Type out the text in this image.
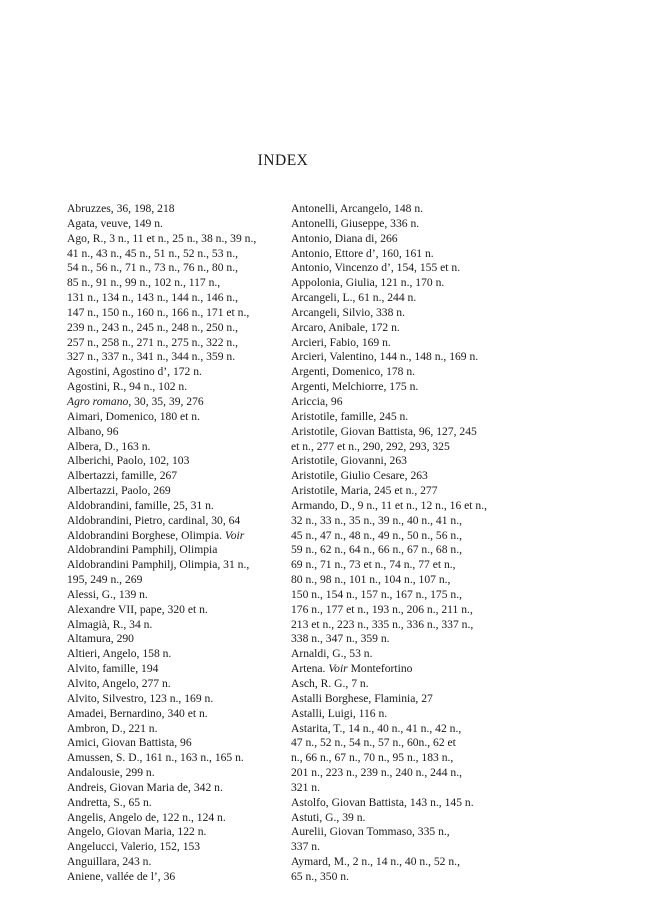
INDEX
Abruzzes, 36, 198, 218
Agata, veuve, 149 n.
Ago, R., 3 n., 11 et n., 25 n., 38 n., 39 n.,
41 n., 43 n., 45 n., 51 n., 52 n., 53 n.,
54 n., 56 n., 71 n., 73 n., 76 n., 80 n.,
85 n., 91 n., 99 n., 102 n., 117 n.,
131 n., 134 n., 143 n., 144 n., 146 n.,
147 n., 150 n., 160 n., 166 n., 171 et n.,
239 n., 243 n., 245 n., 248 n., 250 n.,
257 n., 258 n., 271 n., 275 n., 322 n.,
327 n., 337 n., 341 n., 344 n., 359 n.
Agostini, Agostino d’, 172 n.
Agostini, R., 94 n., 102 n.
Agro romano, 30, 35, 39, 276
Aimari, Domenico, 180 et n.
Albano, 96
Albera, D., 163 n.
Alberichi, Paolo, 102, 103
Albertazzi, famille, 267
Albertazzi, Paolo, 269
Aldobrandini, famille, 25, 31 n.
Aldobrandini, Pietro, cardinal, 30, 64
Aldobrandini Borghese, Olimpia. Voir
Aldobrandini Pamphilj, Olimpia
Aldobrandini Pamphilj, Olimpia, 31 n.,
195, 249 n., 269
Alessi, G., 139 n.
Alexandre VII, pape, 320 et n.
Almagià, R., 34 n.
Altamura, 290
Altieri, Angelo, 158 n.
Alvito, famille, 194
Alvito, Angelo, 277 n.
Alvito, Silvestro, 123 n., 169 n.
Amadei, Bernardino, 340 et n.
Ambron, D., 221 n.
Amici, Giovan Battista, 96
Amussen, S. D., 161 n., 163 n., 165 n.
Andalousie, 299 n.
Andreis, Giovan Maria de, 342 n.
Andretta, S., 65 n.
Angelis, Angelo de, 122 n., 124 n.
Angelo, Giovan Maria, 122 n.
Angelucci, Valerio, 152, 153
Anguillara, 243 n.
Aniene, vallée de l’, 36
Antonelli, Arcangelo, 148 n.
Antonelli, Giuseppe, 336 n.
Antonio, Diana di, 266
Antonio, Ettore d’, 160, 161 n.
Antonio, Vincenzo d’, 154, 155 et n.
Appolonia, Giulia, 121 n., 170 n.
Arcangeli, L., 61 n., 244 n.
Arcangeli, Silvio, 338 n.
Arcaro, Anibale, 172 n.
Arcieri, Fabio, 169 n.
Arcieri, Valentino, 144 n., 148 n., 169 n.
Argenti, Domenico, 178 n.
Argenti, Melchiorre, 175 n.
Ariccia, 96
Aristotile, famille, 245 n.
Aristotile, Giovan Battista, 96, 127, 245
et n., 277 et n., 290, 292, 293, 325
Aristotile, Giovanni, 263
Aristotile, Giulio Cesare, 263
Aristotile, Maria, 245 et n., 277
Armando, D., 9 n., 11 et n., 12 n., 16 et n.,
32 n., 33 n., 35 n., 39 n., 40 n., 41 n.,
45 n., 47 n., 48 n., 49 n., 50 n., 56 n.,
59 n., 62 n., 64 n., 66 n., 67 n., 68 n.,
69 n., 71 n., 73 et n., 74 n., 77 et n.,
80 n., 98 n., 101 n., 104 n., 107 n.,
150 n., 154 n., 157 n., 167 n., 175 n.,
176 n., 177 et n., 193 n., 206 n., 211 n.,
213 et n., 223 n., 335 n., 336 n., 337 n.,
338 n., 347 n., 359 n.
Arnaldi, G., 53 n.
Artena. Voir Montefortino
Asch, R. G., 7 n.
Astalli Borghese, Flaminia, 27
Astalli, Luigi, 116 n.
Astarita, T., 14 n., 40 n., 41 n., 42 n.,
47 n., 52 n., 54 n., 57 n., 60n., 62 et
n., 66 n., 67 n., 70 n., 95 n., 183 n.,
201 n., 223 n., 239 n., 240 n., 244 n.,
321 n.
Astolfo, Giovan Battista, 143 n., 145 n.
Astuti, G., 39 n.
Aurelii, Giovan Tommaso, 335 n.,
337 n.
Aymard, M., 2 n., 14 n., 40 n., 52 n.,
65 n., 350 n.
